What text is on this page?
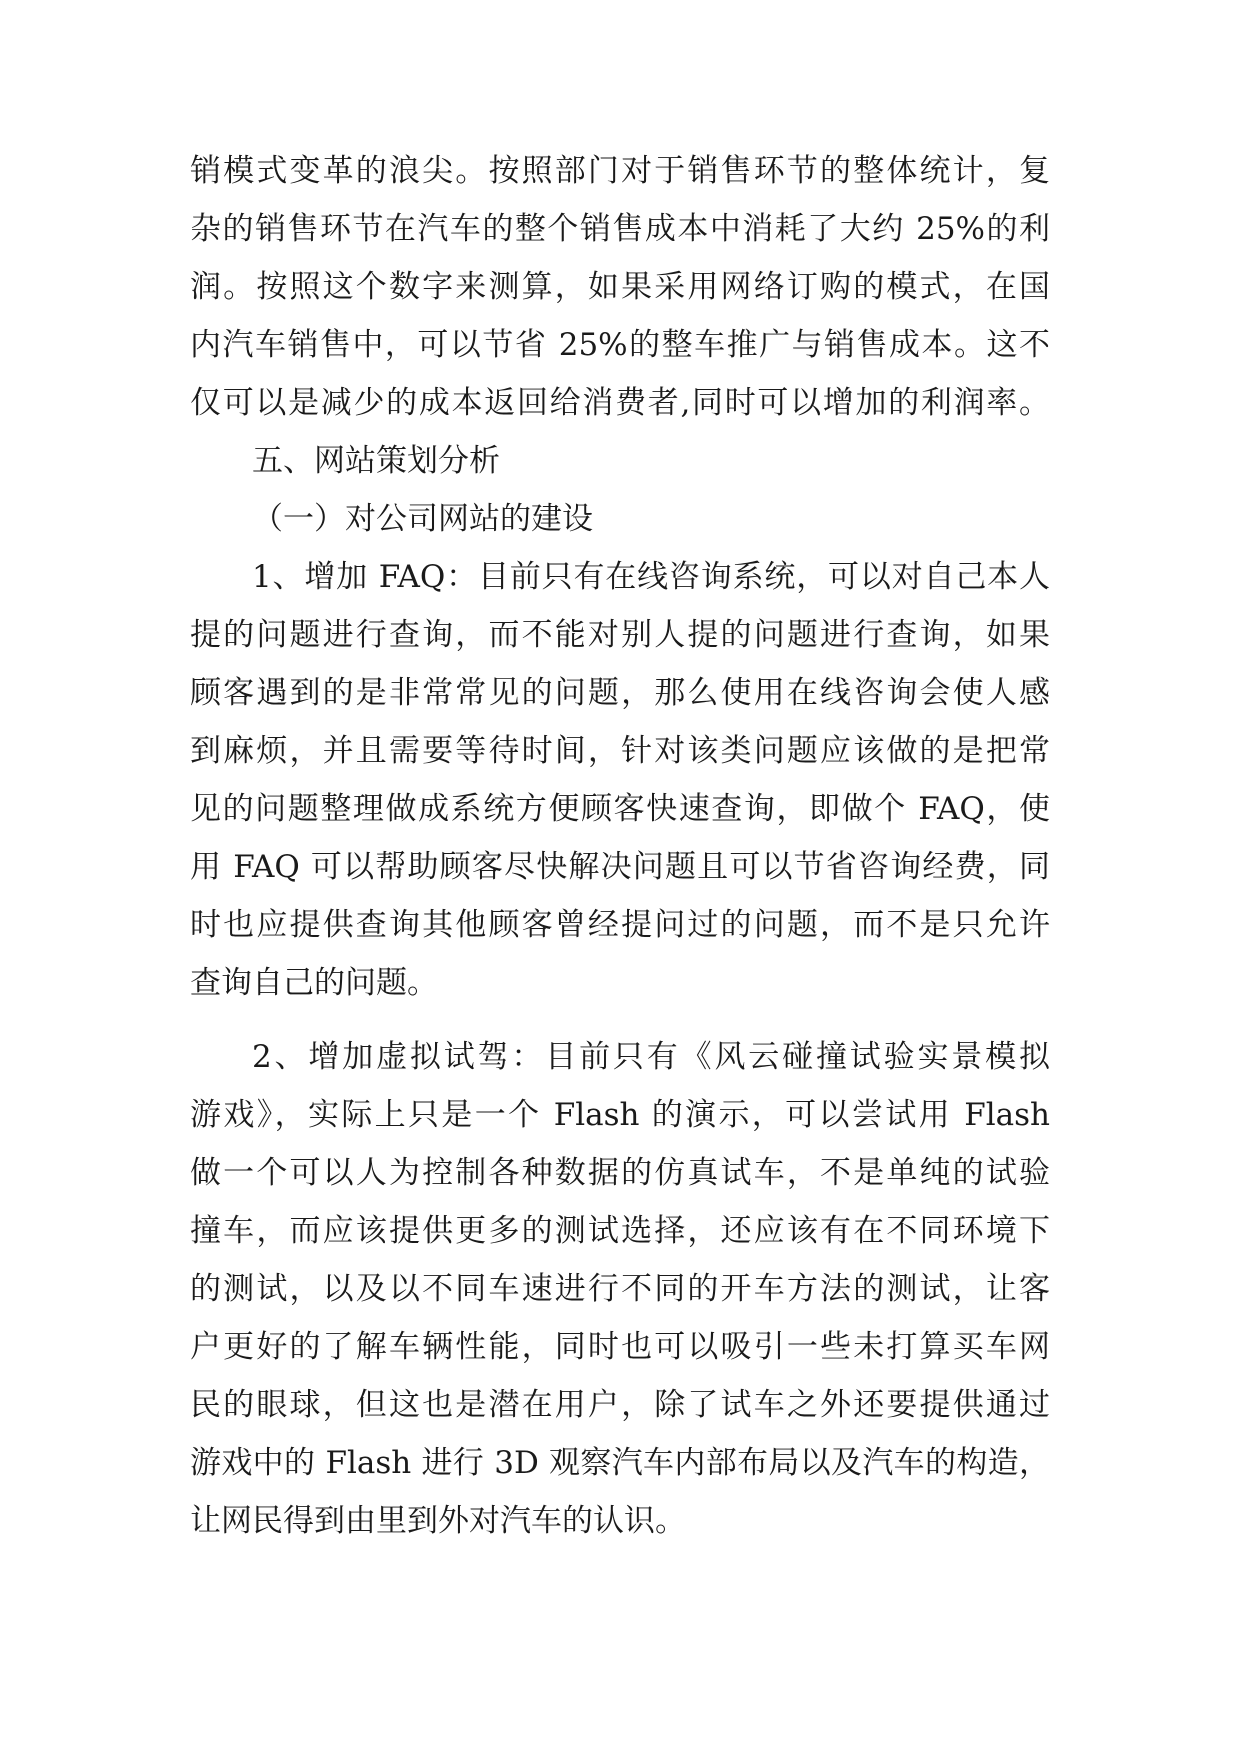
销模式变革的浪尖。按照部门对于销售环节的整体统计，复
杂的销售环节在汽车的整个销售成本中消耗了大约 25%的利
润。按照这个数字来测算，如果采用网络订购的模式，在国
内汽车销售中，可以节省 25%的整车推广与销售成本。这不
仅可以是减少的成本返回给消费者,同时可以增加的利润率。
五、网站策划分析
（一）对公司网站的建设
1、增加 FAQ：目前只有在线咨询系统，可以对自己本人
提的问题进行查询，而不能对别人提的问题进行查询，如果
顾客遇到的是非常常见的问题，那么使用在线咨询会使人感
到麻烦，并且需要等待时间，针对该类问题应该做的是把常
见的问题整理做成系统方便顾客快速查询，即做个 FAQ，使
用 FAQ 可以帮助顾客尽快解决问题且可以节省咨询经费，同
时也应提供查询其他顾客曾经提问过的问题，而不是只允许
查询自己的问题。
2、增加虚拟试驾：目前只有《风云碰撞试验实景模拟
游戏》，实际上只是一个 Flash 的演示，可以尝试用 Flash
做一个可以人为控制各种数据的仿真试车，不是单纯的试验
撞车，而应该提供更多的测试选择，还应该有在不同环境下
的测试，以及以不同车速进行不同的开车方法的测试，让客
户更好的了解车辆性能，同时也可以吸引一些未打算买车网
民的眼球，但这也是潜在用户，除了试车之外还要提供通过
游戏中的 Flash 进行 3D 观察汽车内部布局以及汽车的构造，
让网民得到由里到外对汽车的认识。
